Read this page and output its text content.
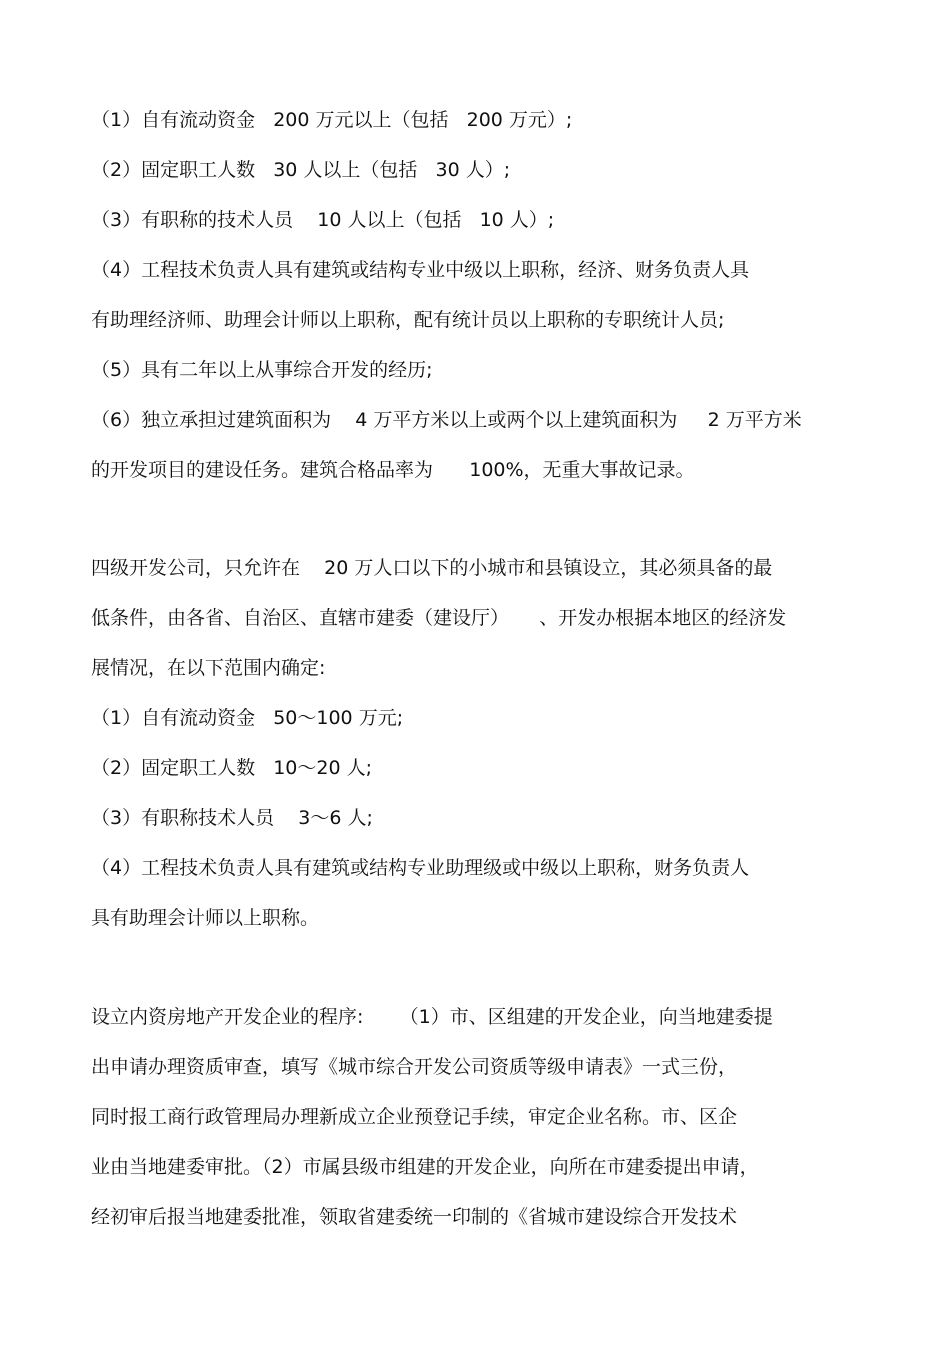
（1）自有流动资金   200 万元以上（包括   200 万元）;
（2）固定职工人数   30 人以上（包括   30 人）;
（3）有职称的技术人员    10 人以上（包括   10 人）;
（4）工程技术负责人具有建筑或结构专业中级以上职称，经济、财务负责人具
有助理经济师、助理会计师以上职称，配有统计员以上职称的专职统计人员;
（5）具有二年以上从事综合开发的经历;
（6）独立承担过建筑面积为    4 万平方米以上或两个以上建筑面积为     2 万平方米
的开发项目的建设任务。建筑合格品率为      100%，无重大事故记录。
四级开发公司，只允许在    20 万人口以下的小城市和县镇设立，其必须具备的最
低条件，由各省、自治区、直辖市建委（建设厅）     、开发办根据本地区的经济发
展情况，在以下范围内确定:
（1）自有流动资金   50～100 万元;
（2）固定职工人数   10～20 人;
（3）有职称技术人员    3～6 人;
（4）工程技术负责人具有建筑或结构专业助理级或中级以上职称，财务负责人
具有助理会计师以上职称。
设立内资房地产开发企业的程序:      （1）市、区组建的开发企业，向当地建委提
出申请办理资质审查，填写《城市综合开发公司资质等级申请表》一式三份，
同时报工商行政管理局办理新成立企业预登记手续，审定企业名称。市、区企
业由当地建委审批。（2）市属县级市组建的开发企业，向所在市建委提出申请，
经初审后报当地建委批准，领取省建委统一印制的《省城市建设综合开发技术
